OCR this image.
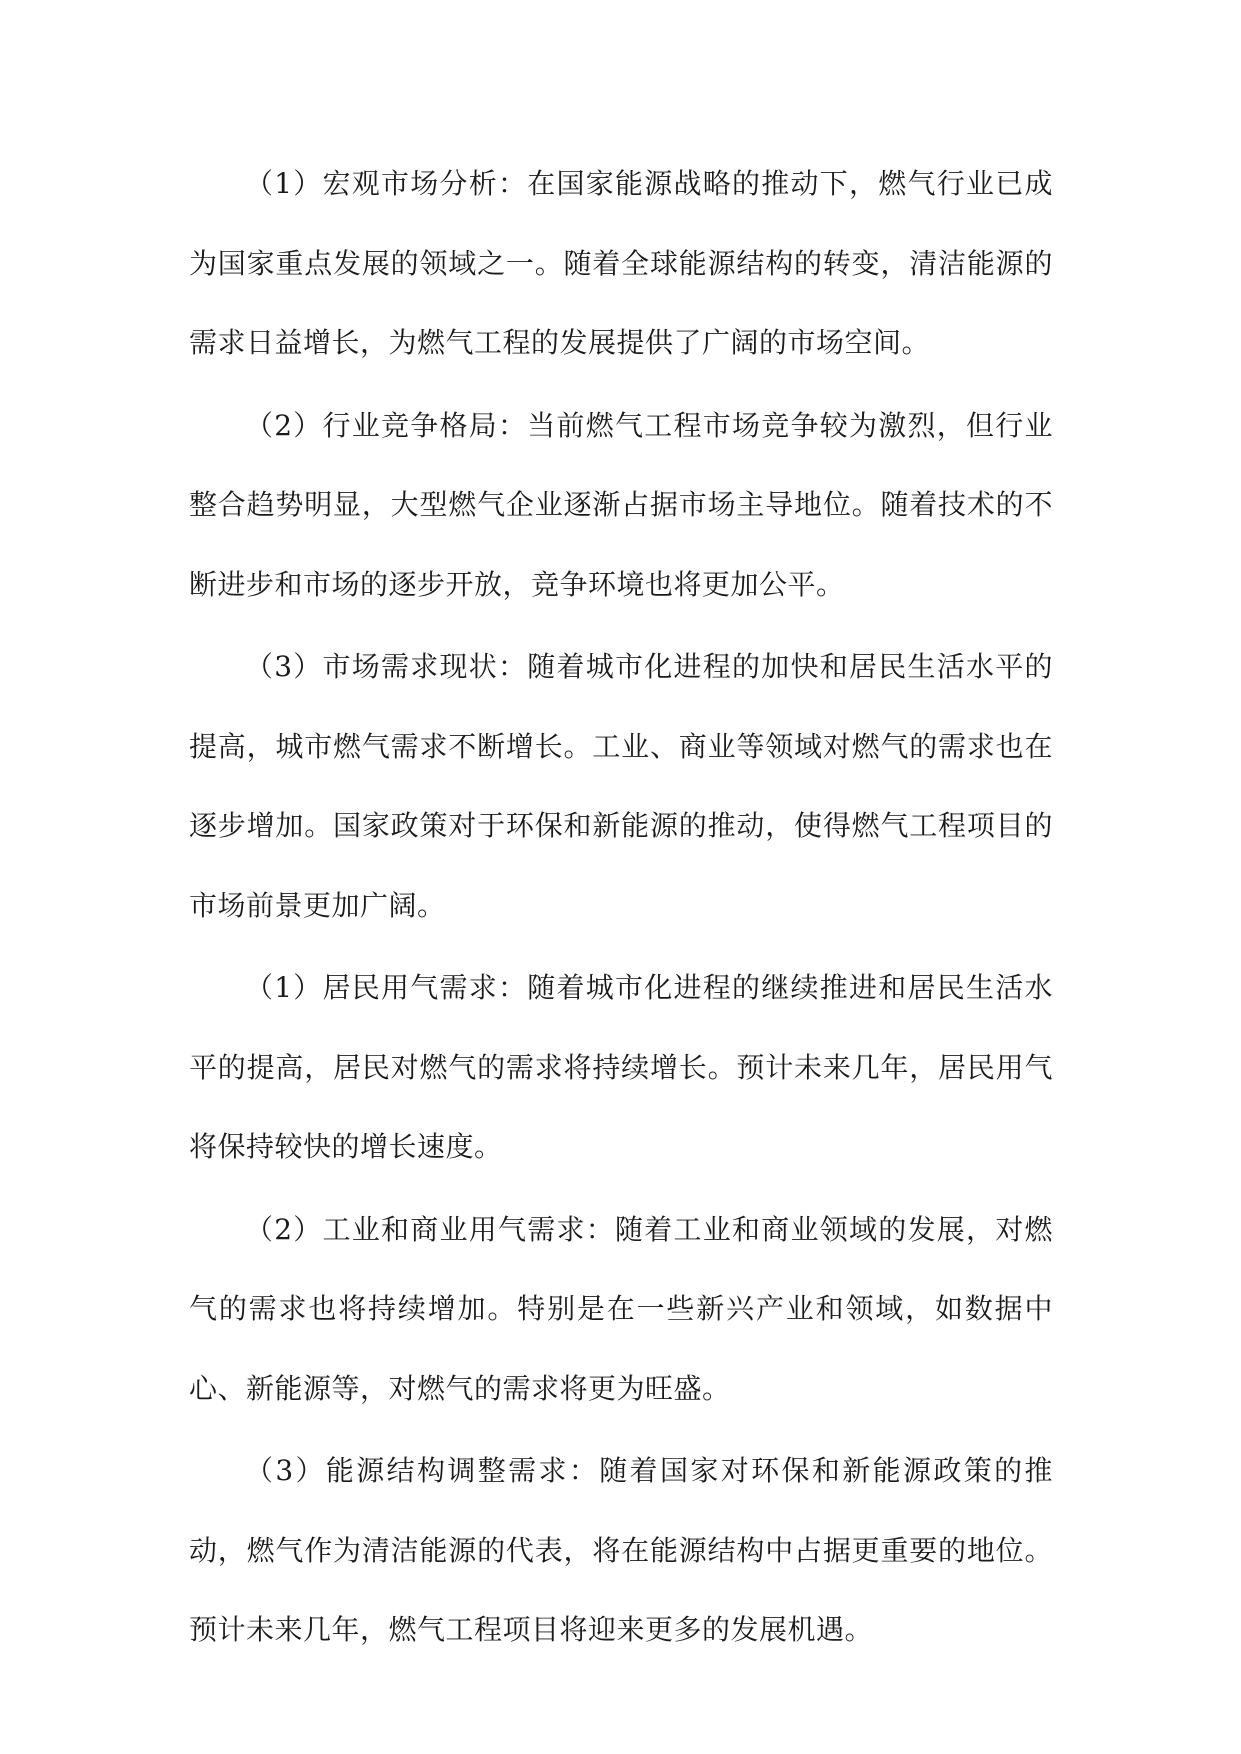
（1）宏观市场分析：在国家能源战略的推动下，燃气行业已成为国家重点发展的领域之一。随着全球能源结构的转变，清洁能源的需求日益增长，为燃气工程的发展提供了广阔的市场空间。

（2）行业竞争格局：当前燃气工程市场竞争较为激烈，但行业整合趋势明显，大型燃气企业逐渐占据市场主导地位。随着技术的不断进步和市场的逐步开放，竞争环境也将更加公平。

（3）市场需求现状：随着城市化进程的加快和居民生活水平的提高，城市燃气需求不断增长。工业、商业等领域对燃气的需求也在逐步增加。国家政策对于环保和新能源的推动，使得燃气工程项目的市场前景更加广阔。

（1）居民用气需求：随着城市化进程的继续推进和居民生活水平的提高，居民对燃气的需求将持续增长。预计未来几年，居民用气将保持较快的增长速度。

（2）工业和商业用气需求：随着工业和商业领域的发展，对燃气的需求也将持续增加。特别是在一些新兴产业和领域，如数据中心、新能源等，对燃气的需求将更为旺盛。

（3）能源结构调整需求：随着国家对环保和新能源政策的推动，燃气作为清洁能源的代表，将在能源结构中占据更重要的地位。预计未来几年，燃气工程项目将迎来更多的发展机遇。
